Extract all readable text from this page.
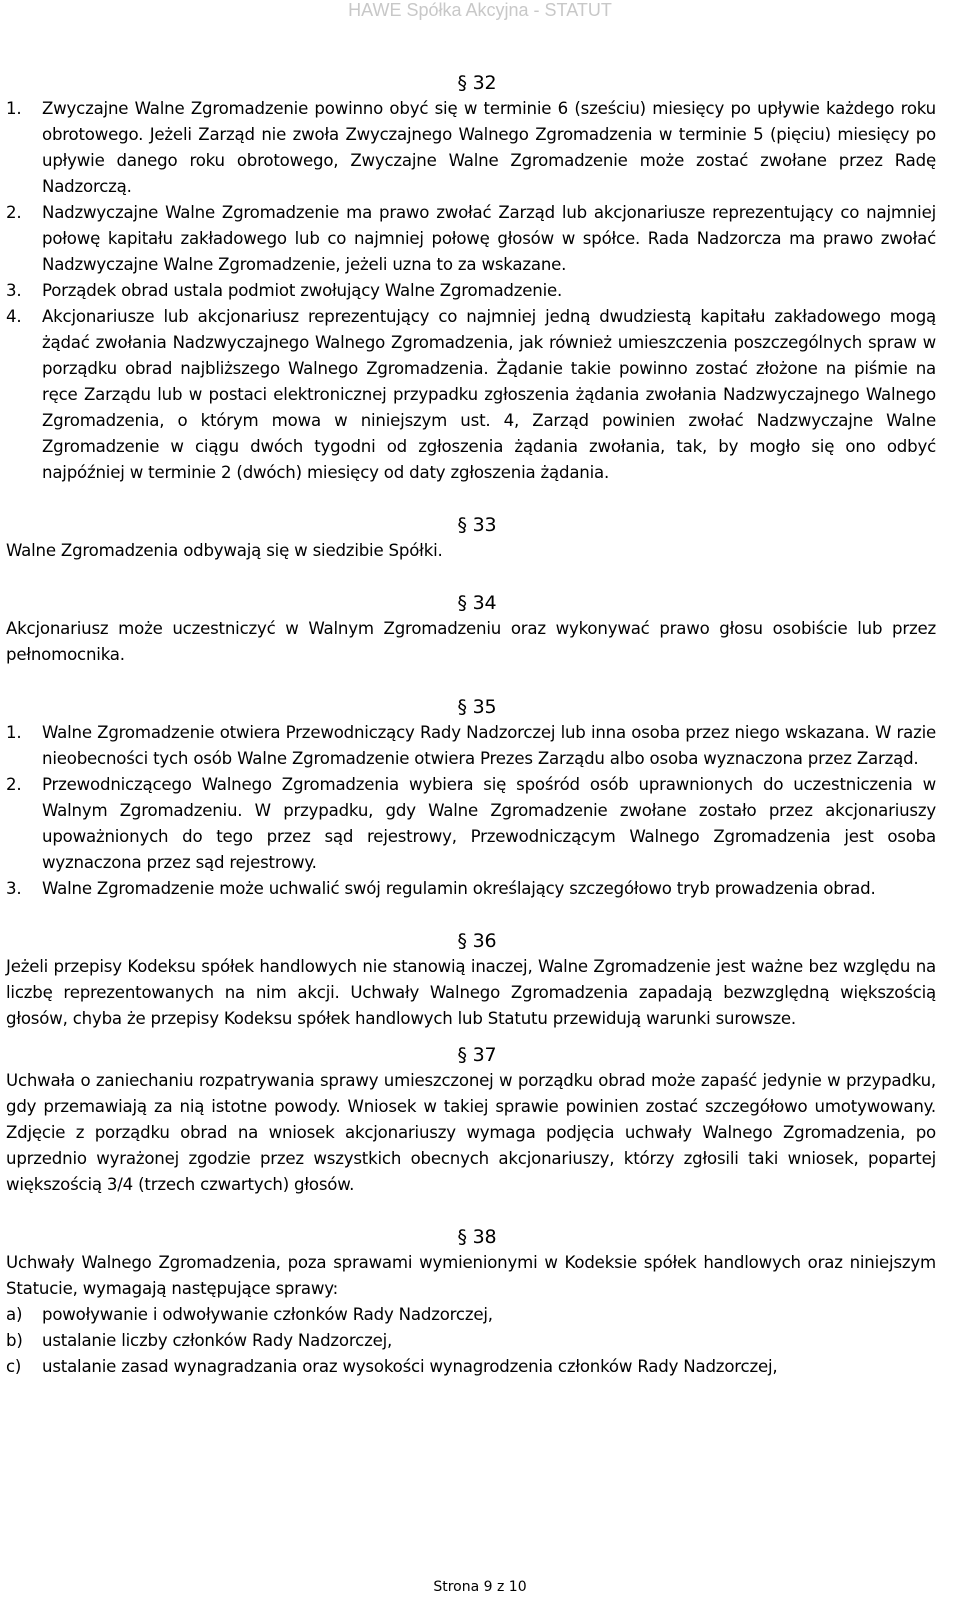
HAWE Spółka Akcyjna - STATUT
§ 32
1.	Zwyczajne Walne Zgromadzenie powinno obyć się w terminie 6 (sześciu) miesięcy po upływie każdego roku obrotowego. Jeżeli Zarząd nie zwoła Zwyczajnego Walnego Zgromadzenia w terminie 5 (pięciu) miesięcy po upływie danego roku obrotowego, Zwyczajne Walne Zgromadzenie może zostać zwołane przez Radę Nadzorczą.
2.	Nadzwyczajne Walne Zgromadzenie ma prawo zwołać Zarząd lub akcjonariusze reprezentujący co najmniej połowę kapitału zakładowego lub co najmniej połowę głosów w spółce. Rada Nadzorcza ma prawo zwołać Nadzwyczajne Walne Zgromadzenie, jeżeli uzna to za wskazane.
3.	Porządek obrad ustala podmiot zwołujący Walne Zgromadzenie.
4.	Akcjonariusze lub akcjonariusz reprezentujący co najmniej jedną dwudziestą kapitału zakładowego mogą żądać zwołania Nadzwyczajnego Walnego Zgromadzenia, jak również umieszczenia poszczególnych spraw w porządku obrad najbliższego Walnego Zgromadzenia. Żądanie takie powinno zostać złożone na piśmie na ręce Zarządu lub w postaci elektronicznej przypadku zgłoszenia żądania zwołania Nadzwyczajnego Walnego Zgromadzenia, o którym mowa w niniejszym ust. 4, Zarząd powinien zwołać Nadzwyczajne Walne Zgromadzenie w ciągu dwóch tygodni od zgłoszenia żądania zwołania, tak, by mogło się ono odbyć najpóźniej w terminie 2 (dwóch) miesięcy od daty zgłoszenia żądania.
§ 33

Walne Zgromadzenia odbywają się w siedzibie Spółki.

§ 34

Akcjonariusz może uczestniczyć w Walnym Zgromadzeniu oraz wykonywać prawo głosu osobiście lub przez pełnomocnika.

§ 35
1.	Walne Zgromadzenie otwiera Przewodniczący Rady Nadzorczej lub inna osoba przez niego wskazana. W razie nieobecności tych osób Walne Zgromadzenie otwiera Prezes Zarządu albo osoba wyznaczona przez Zarząd.
2.	Przewodniczącego Walnego Zgromadzenia wybiera się spośród osób uprawnionych do uczestniczenia w Walnym Zgromadzeniu. W przypadku, gdy Walne Zgromadzenie zwołane zostało przez akcjonariuszy upoważnionych do tego przez sąd rejestrowy, Przewodniczącym Walnego Zgromadzenia jest osoba wyznaczona przez sąd rejestrowy.
3.	Walne Zgromadzenie może uchwalić swój regulamin określający szczegółowo tryb prowadzenia obrad.
§ 36

Jeżeli przepisy Kodeksu spółek handlowych nie stanowią inaczej, Walne Zgromadzenie jest ważne bez względu na liczbę reprezentowanych na nim akcji. Uchwały Walnego Zgromadzenia zapadają bezwzględną większością głosów, chyba że przepisy Kodeksu spółek handlowych lub Statutu przewidują warunki surowsze.

§ 37

Uchwała o zaniechaniu rozpatrywania sprawy umieszczonej w porządku obrad może zapaść jedynie w przypadku, gdy przemawiają za nią istotne powody. Wniosek w takiej sprawie powinien zostać szczegółowo umotywowany. Zdjęcie z porządku obrad na wniosek akcjonariuszy wymaga podjęcia uchwały Walnego Zgromadzenia, po uprzednio wyrażonej zgodzie przez wszystkich obecnych akcjonariuszy, którzy zgłosili taki wniosek, popartej większością 3/4 (trzech czwartych) głosów.

§ 38

Uchwały Walnego Zgromadzenia, poza sprawami wymienionymi w Kodeksie spółek handlowych oraz niniejszym Statucie, wymagają następujące sprawy:

a)	powoływanie i odwoływanie członków Rady Nadzorczej,
b)	ustalanie liczby członków Rady Nadzorczej,
c)	ustalanie zasad wynagradzania oraz wysokości wynagrodzenia członków Rady Nadzorczej,
Strona 9 z 10
